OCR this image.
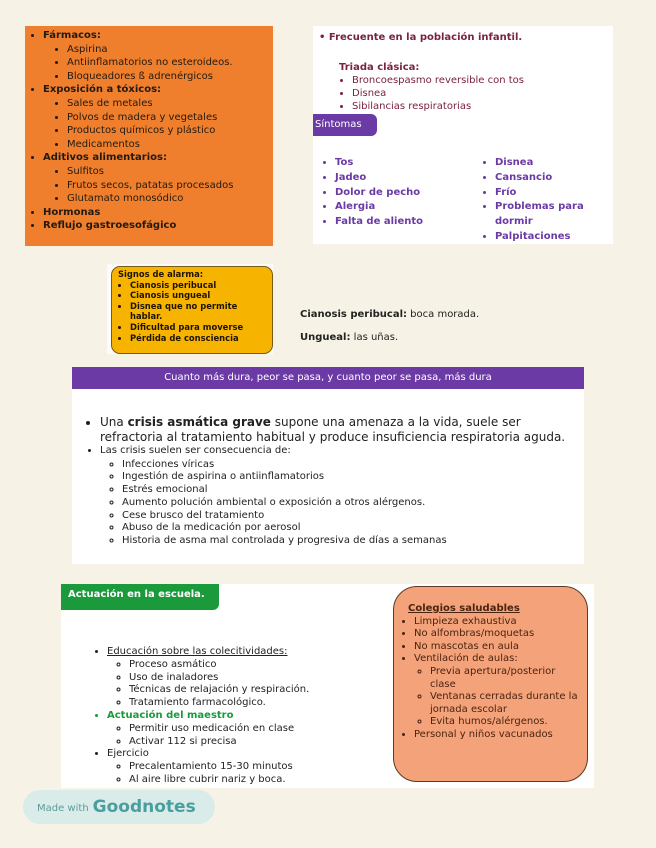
• Fármacos:
• Aspirina
• Antiinflamatorios no esteroideos.
• Bloqueadores ß adrenérgicos
• Exposición a tóxicos:
• Sales de metales
• Polvos de madera y vegetales
• Productos químicos y plástico
• Medicamentos
• Aditivos alimentarios:
• Sulfitos
• Frutos secos, patatas procesados
• Glutamato monosódico
• Hormonas
• Reflujo gastroesofágico
• Frecuente en la población infantil.
Triada clásica:
• Broncoespasmo reversible con tos
• Disnea
• Sibilancias respiratorias
Síntomas
• Tos
• Jadeo
• Dolor de pecho
• Alergia
• Falta de aliento
• Disnea
• Cansancio
• Frío
• Problemas para dormir
• Palpitaciones
Signos de alarma:
• Cianosis peribucal
• Cianosis ungueal
• Disnea que no permite hablar.
• Dificultad para moverse
• Pérdida de consciencia
Cianosis peribucal: boca morada.
Ungueal: las uñas.
Cuanto más dura, peor se pasa, y cuanto peor se pasa, más dura
• Una crisis asmática grave supone una amenaza a la vida, suele ser refractoria al tratamiento habitual y produce insuficiencia respiratoria aguda.
• Las crisis suelen ser consecuencia de:
◦ Infecciones víricas
◦ Ingestión de aspirina o antiinflamatorios
◦ Estrés emocional
◦ Aumento polución ambiental o exposición a otros alérgenos.
◦ Cese brusco del tratamiento
◦ Abuso de la medicación por aerosol
◦ Historia de asma mal controlada y progresiva de días a semanas
Actuación en la escuela.
• Educación sobre las colecitividades:
◦ Proceso asmático
◦ Uso de inaladores
◦ Técnicas de relajación y respiración.
◦ Tratamiento farmacológico.
• Actuación del maestro
◦ Permitir uso medicación en clase
◦ Activar 112 si precisa
• Ejercicio
◦ Precalentamiento 15-30 minutos
◦ Al aire libre cubrir nariz y boca.
Colegios saludables
• Limpieza exhaustiva
• No alfombras/moquetas
• No mascotas en aula
• Ventilación de aulas:
◦ Previa apertura/posterior clase
◦ Ventanas cerradas durante la jornada escolar
◦ Evita humos/alérgenos.
• Personal y niños vacunados
Made with Goodnotes
